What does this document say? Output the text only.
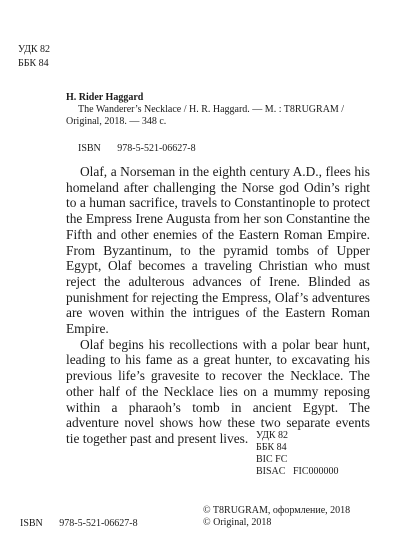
УДК 82
ББК 84
H. Rider Haggard
The Wanderer’s Necklace / H. R. Haggard. — M. : T8RUGRAM /
Original, 2018. — 348 c.
ISBN 978-5-521-06627-8

Olaf, a Norseman in the eighth century A.D., flees his homeland after challenging the Norse god Odin’s right to a human sacrifice, travels to Constantinople to protect the Empress Irene Augusta from her son Constantine the Fifth and other enemies of the Eastern Roman Empire. From Byzantinum, to the pyramid tombs of Upper Egypt, Olaf becomes a traveling Christian who must reject the adulterous advances of Irene. Blinded as punishment for rejecting the Empress, Olaf’s adventures are woven within the intrigues of the Eastern Roman Empire.

Olaf begins his recollections with a polar bear hunt, leading to his fame as a great hunter, to excavating his previous life’s gravesite to recover the Necklace. The other half of the Necklace lies on a mummy reposing within a pharaoh’s tomb in ancient Egypt. The adventure novel shows how these two separate events tie together past and present lives. УДК 82
ББК 84
BIC FC
BISAC   FIC000000
ISBN 978-5-521-06627-8
© T8RUGRAM, оформление, 2018
© Original, 2018
